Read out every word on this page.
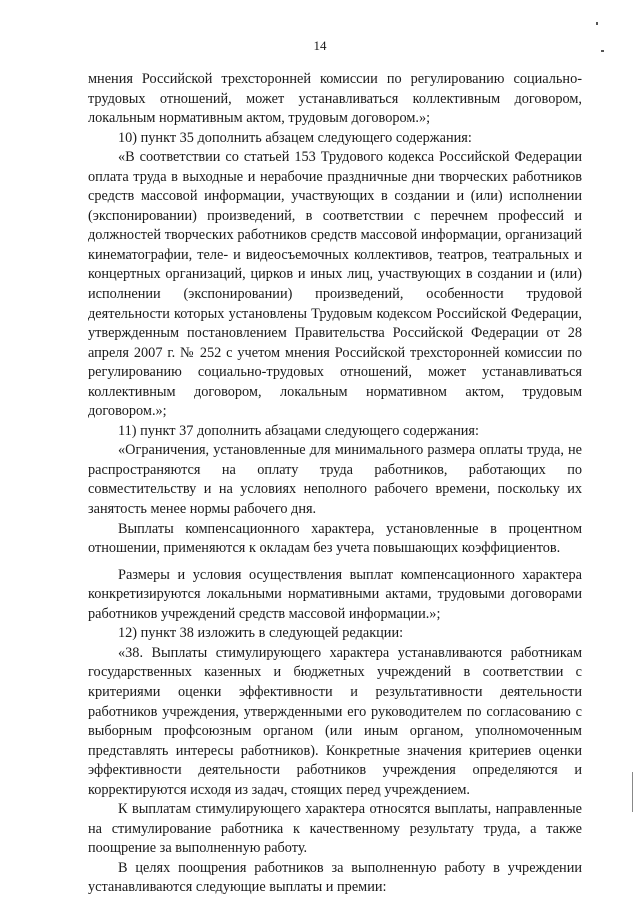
14

мнения Российской трехсторонней комиссии по регулированию социально-трудовых отношений, может устанавливаться коллективным договором, локальным нормативным актом, трудовым договором.»;

10) пункт 35 дополнить абзацем следующего содержания:

«В соответствии со статьей 153 Трудового кодекса Российской Федерации оплата труда в выходные и нерабочие праздничные дни творческих работников средств массовой информации, участвующих в создании и (или) исполнении (экспонировании) произведений, в соответствии с перечнем профессий и должностей творческих работников средств массовой информации, организаций кинематографии, теле- и видеосъемочных коллективов, театров, театральных и концертных организаций, цирков и иных лиц, участвующих в создании и (или) исполнении (экспонировании) произведений, особенности трудовой деятельности которых установлены Трудовым кодексом Российской Федерации, утвержденным постановлением Правительства Российской Федерации от 28 апреля 2007 г. № 252 с учетом мнения Российской трехсторонней комиссии по регулированию социально-трудовых отношений, может устанавливаться коллективным договором, локальным нормативном актом, трудовым договором.»;

11) пункт 37 дополнить абзацами следующего содержания:

«Ограничения, установленные для минимального размера оплаты труда, не распространяются на оплату труда работников, работающих по совместительству и на условиях неполного рабочего времени, поскольку их занятость менее нормы рабочего дня.

Выплаты компенсационного характера, установленные в процентном отношении, применяются к окладам без учета повышающих коэффициентов.

Размеры и условия осуществления выплат компенсационного характера конкретизируются локальными нормативными актами, трудовыми договорами работников учреждений средств массовой информации.»;

12) пункт 38 изложить в следующей редакции:

«38. Выплаты стимулирующего характера устанавливаются работникам государственных казенных и бюджетных учреждений в соответствии с критериями оценки эффективности и результативности деятельности работников учреждения, утвержденными его руководителем по согласованию с выборным профсоюзным органом (или иным органом, уполномоченным представлять интересы работников). Конкретные значения критериев оценки эффективности деятельности работников учреждения определяются и корректируются исходя из задач, стоящих перед учреждением.

К выплатам стимулирующего характера относятся выплаты, направленные на стимулирование работника к качественному результату труда, а также поощрение за выполненную работу.

В целях поощрения работников за выполненную работу в учреждении устанавливаются следующие выплаты и премии:
